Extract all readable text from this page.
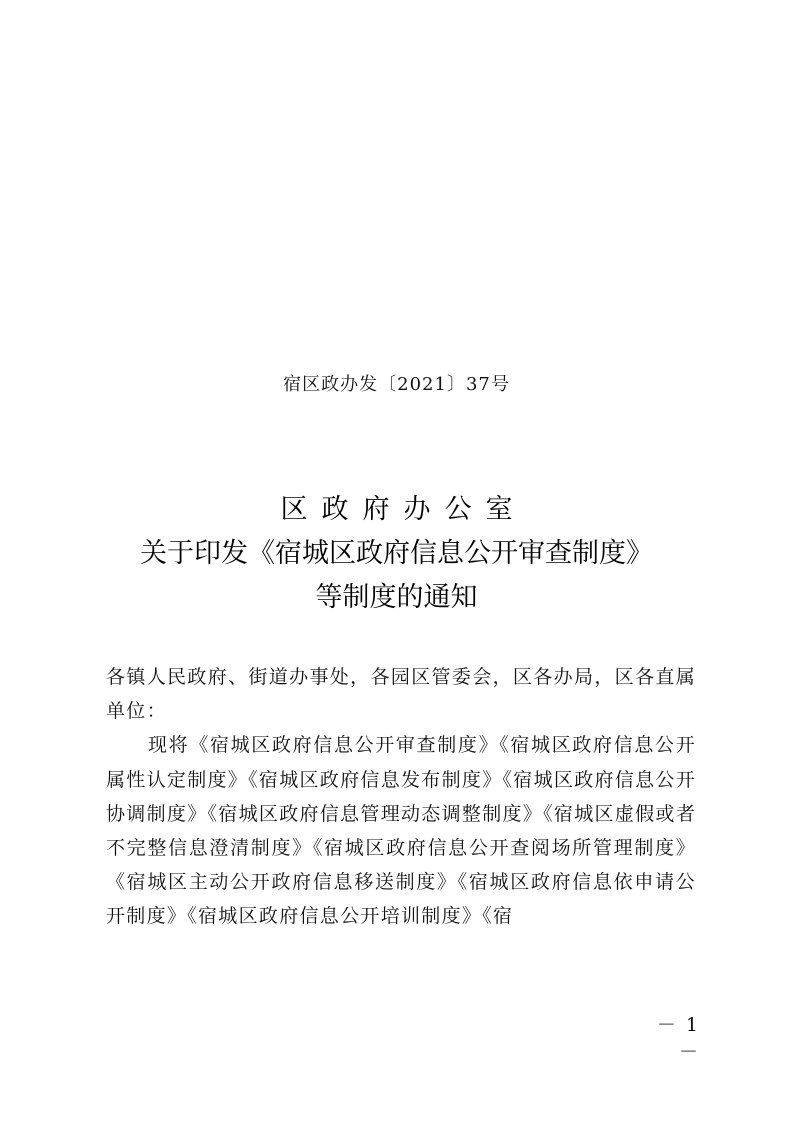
宿区政办发〔2021〕37号
区政府办公室
关于印发《宿城区政府信息公开审查制度》
等制度的通知

各镇人民政府、街道办事处，各园区管委会，区各办局，区各直属单位：

现将《宿城区政府信息公开审查制度》《宿城区政府信息公开属性认定制度》《宿城区政府信息发布制度》《宿城区政府信息公开协调制度》《宿城区政府信息管理动态调整制度》《宿城区虚假或者不完整信息澄清制度》《宿城区政府信息公开查阅场所管理制度》《宿城区主动公开政府信息移送制度》《宿城区政府信息依申请公开制度》《宿城区政府信息公开培训制度》《宿

－ 1 －
